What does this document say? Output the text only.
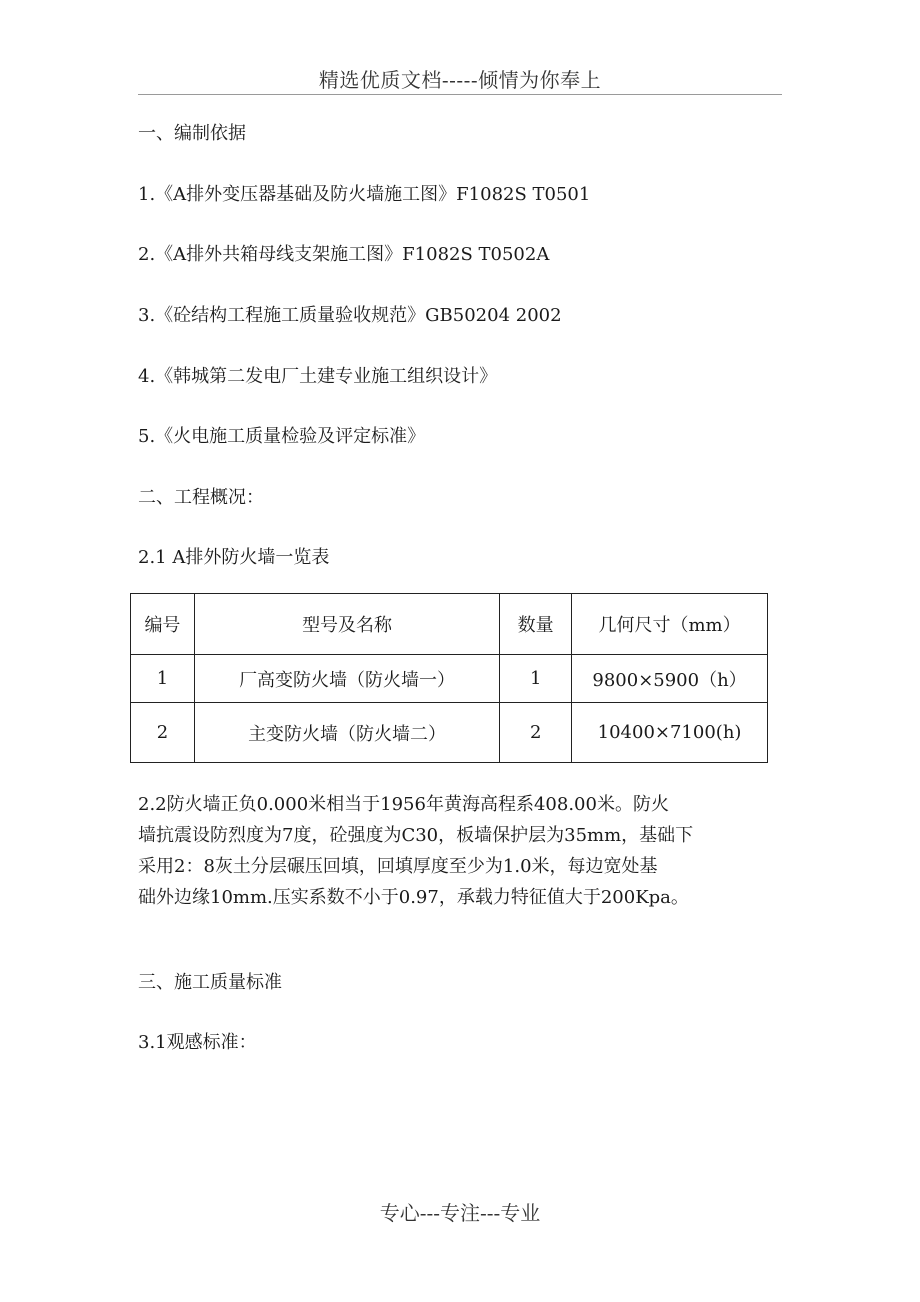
精选优质文档-----倾情为你奉上
一、编制依据
1.《A排外变压器基础及防火墙施工图》F1082S T0501
2.《A排外共箱母线支架施工图》F1082S T0502A
3.《砼结构工程施工质量验收规范》GB50204 2002
4.《韩城第二发电厂土建专业施工组织设计》
5.《火电施工质量检验及评定标准》
二、工程概况：
2.1 A排外防火墙一览表
编号	型号及名称	数量	几何尺寸（mm）
1	厂高变防火墙（防火墙一）	1	9800×5900（h）
2	主变防火墙（防火墙二）	2	10400×7100(h)
2.2防火墙正负0.000米相当于1956年黄海高程系408.00米。防火
墙抗震设防烈度为7度，砼强度为C30，板墙保护层为35mm，基础下
采用2：8灰土分层碾压回填，回填厚度至少为1.0米，每边宽处基
础外边缘10mm.压实系数不小于0.97，承载力特征值大于200Kpa。
三、施工质量标准
3.1观感标准：
专心---专注---专业
